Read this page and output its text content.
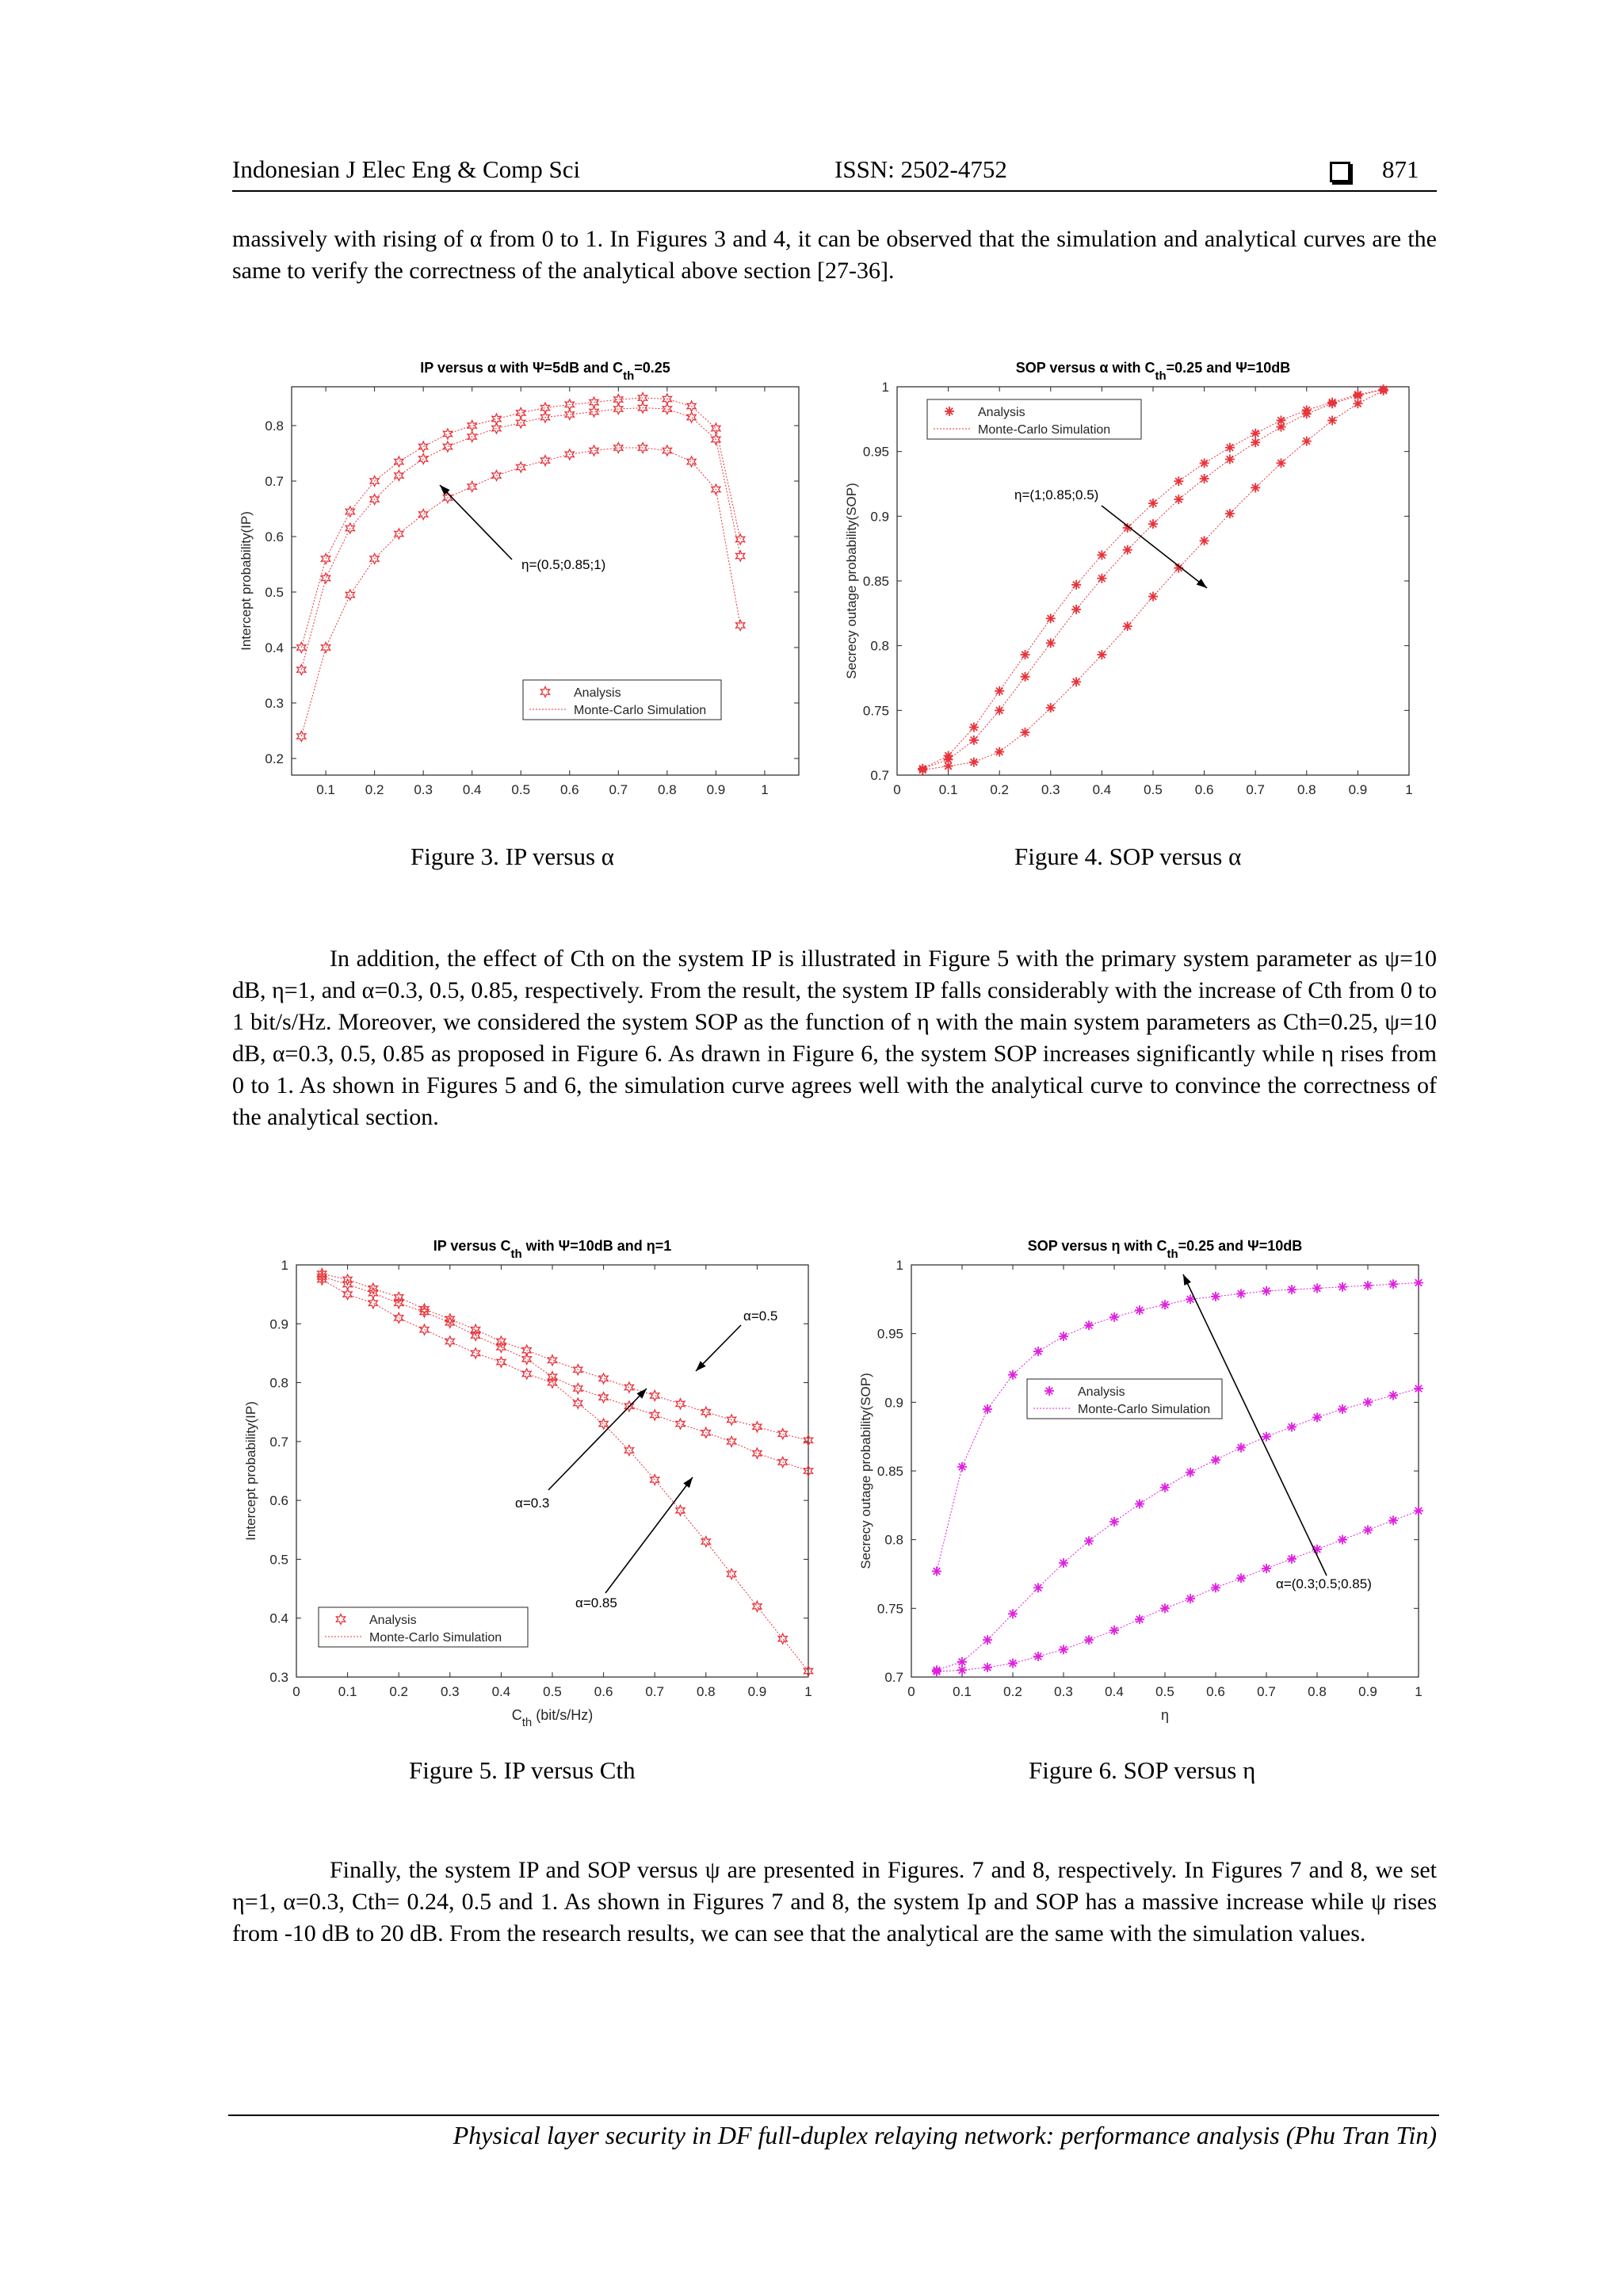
Indonesian J Elec Eng & Comp Sci	ISSN: 2502-4752	871

massively with rising of α from 0 to 1. In Figures 3 and 4, it can be observed that the simulation and analytical curves are the same to verify the correctness of the analytical above section [27-36].

0.1 0.2 0.3 0.4 0.5 0.6 0.7 0.8 0.9	1
0.2
0.3
0.4
0.5
0.6
0.7
0.8
IP versus α with Ψ=5dB and $C_{th}=0.25$
Intercept probability(IP)
Analysis
Monte-Carlo Simulation
η=(0.5;0.85;1)
0	0.1 0.2 0.3 0.4 0.5 0.6 0.7 0.8 0.9	1
0.7
0.75
0.8
0.85
0.9
0.95
1
SOP versus α with $C_{th}=0.25$ and Ψ=10dB
Secrecy outage probability(SOP)
Analysis
Monte-Carlo Simulation
η=(1;0.85;0.5)
Figure 3. IP versus α	Figure 4. SOP versus α

In addition, the effect of Cth on the system IP is illustrated in Figure 5 with the primary system parameter as ψ=10 dB, η=1, and α=0.3, 0.5, 0.85, respectively. From the result, the system IP falls considerably with the increase of Cth from 0 to 1 bit/s/Hz. Moreover, we considered the system SOP as the function of η with the main system parameters as Cth=0.25, ψ=10 dB, α=0.3, 0.5, 0.85 as proposed in Figure 6. As drawn in Figure 6, the system SOP increases significantly while η rises from 0 to 1. As shown in Figures 5 and 6, the simulation curve agrees well with the analytical curve to convince the correctness of the analytical section.

0	0.1 0.2 0.3 0.4 0.5 0.6 0.7 0.8 0.9	1
0.3
0.4
0.5
0.6
0.7
0.8
0.9
1
IP versus $C_{th}$ with Ψ=10dB and η=1
Intercept probability(IP)
$C_{th}$ (bit/s/Hz)
Analysis
Monte-Carlo Simulation
α=0.5
α=0.3
α=0.85
0	0.1 0.2 0.3 0.4 0.5 0.6 0.7 0.8 0.9	1
0.7
0.75
0.8
0.85
0.9
0.95
1
SOP versus η with $C_{th}=0.25$ and Ψ=10dB
Secrecy outage probability(SOP)
η
Analysis
Monte-Carlo Simulation
α=(0.3;0.5;0.85)
Figure 5. IP versus Cth	Figure 6. SOP versus η

Finally, the system IP and SOP versus ψ are presented in Figures. 7 and 8, respectively. In Figures 7 and 8, we set η=1, α=0.3, Cth= 0.24, 0.5 and 1. As shown in Figures 7 and 8, the system Ip and SOP has a massive increase while ψ rises from -10 dB to 20 dB. From the research results, we can see that the analytical are the same with the simulation values.

Physical layer security in DF full-duplex relaying network: performance analysis (Phu Tran Tin)
